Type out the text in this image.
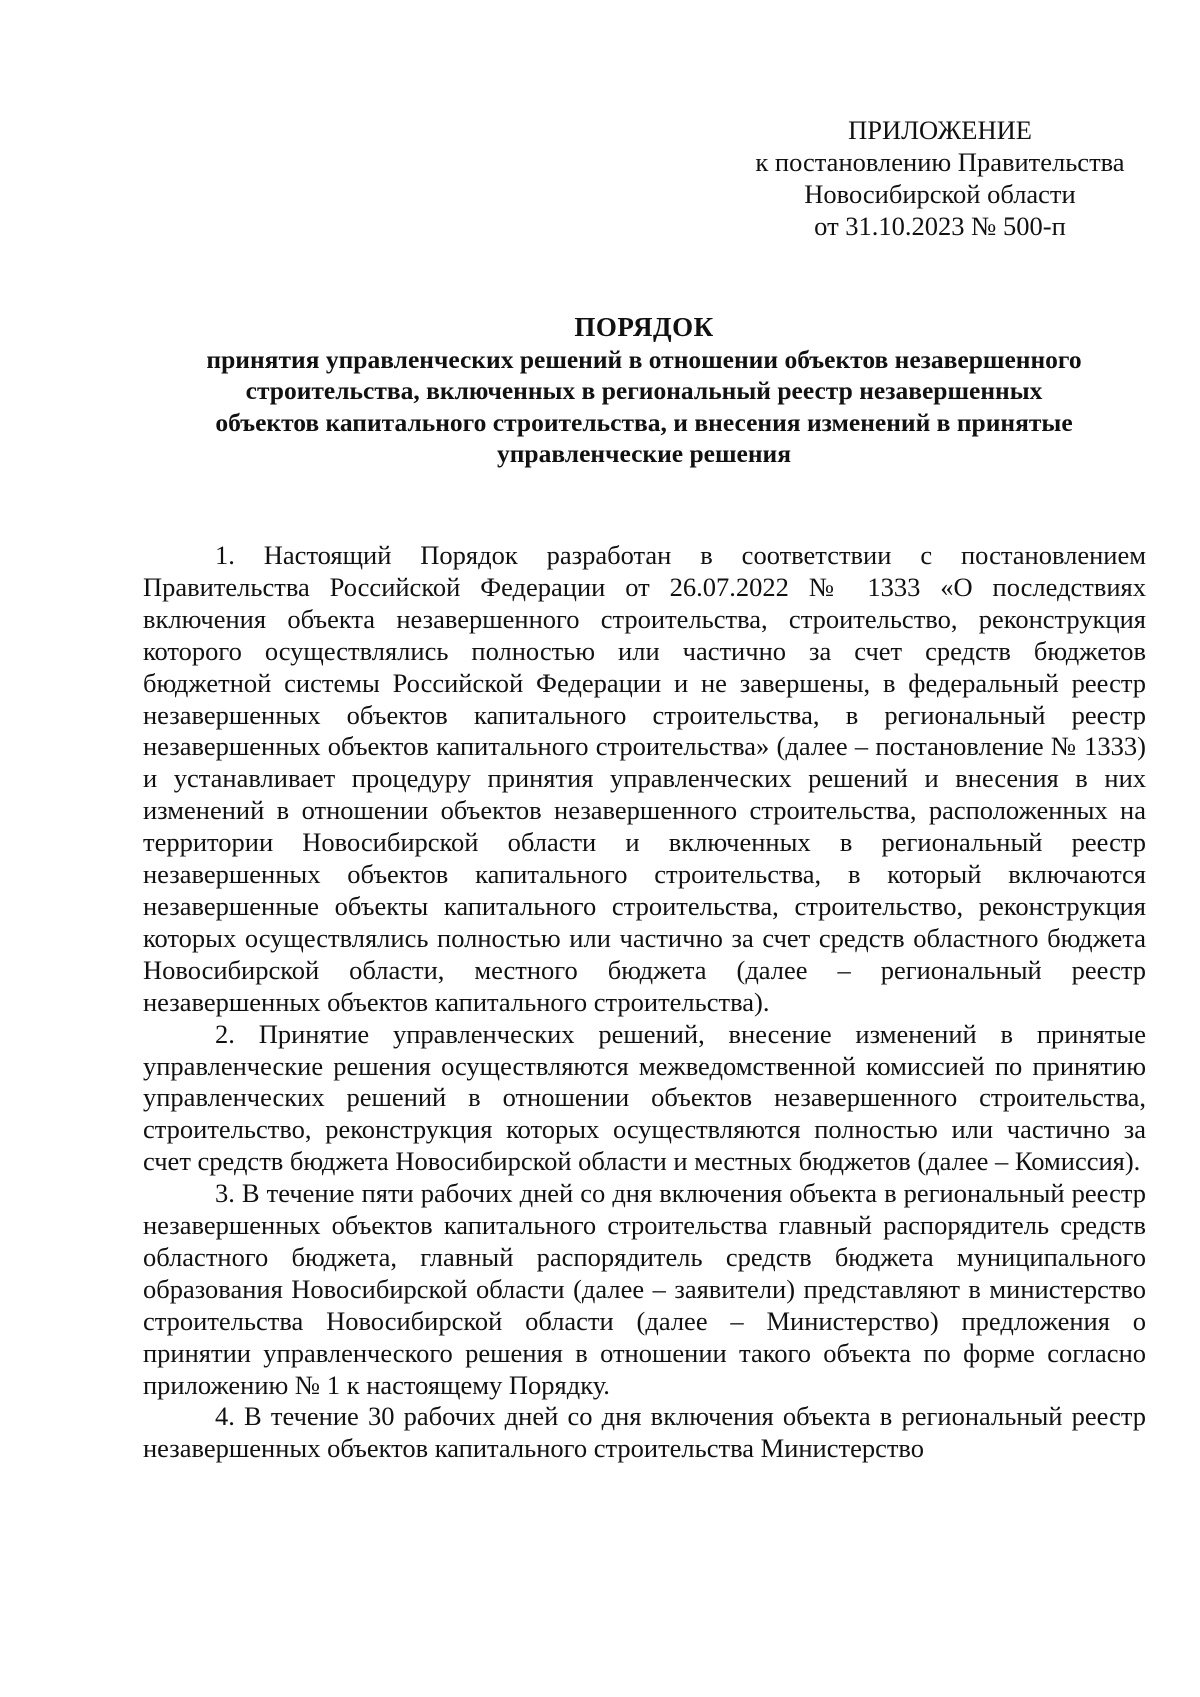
ПРИЛОЖЕНИЕ
к постановлению Правительства
Новосибирской области
от 31.10.2023 № 500-п
ПОРЯДОК
принятия управленческих решений в отношении объектов незавершенного
строительства, включенных в региональный реестр незавершенных
объектов капитального строительства, и внесения изменений в принятые
управленческие решения

1. Настоящий Порядок разработан в соответствии с постановлением Правительства Российской Федерации от 26.07.2022 № 1333 «О последствиях включения объекта незавершенного строительства, строительство, реконструкция которого осуществлялись полностью или частично за счет средств бюджетов бюджетной системы Российской Федерации и не завершены, в федеральный реестр незавершенных объектов капитального строительства, в региональный реестр незавершенных объектов капитального строительства» (далее – постановление № 1333) и устанавливает процедуру принятия управленческих решений и внесения в них изменений в отношении объектов незавершенного строительства, расположенных на территории Новосибирской области и включенных в региональный реестр незавершенных объектов капитального строительства, в который включаются незавершенные объекты капитального строительства, строительство, реконструкция которых осуществлялись полностью или частично за счет средств областного бюджета Новосибирской области, местного бюджета (далее – региональный реестр незавершенных объектов капитального строительства).

2. Принятие управленческих решений, внесение изменений в принятые управленческие решения осуществляются межведомственной комиссией по принятию управленческих решений в отношении объектов незавершенного строительства, строительство, реконструкция которых осуществляются полностью или частично за счет средств бюджета Новосибирской области и местных бюджетов (далее – Комиссия).

3. В течение пяти рабочих дней со дня включения объекта в региональный реестр незавершенных объектов капитального строительства главный распорядитель средств областного бюджета, главный распорядитель средств бюджета муниципального образования Новосибирской области (далее – заявители) представляют в министерство строительства Новосибирской области (далее – Министерство) предложения о принятии управленческого решения в отношении такого объекта по форме согласно приложению № 1 к настоящему Порядку.

4. В течение 30 рабочих дней со дня включения объекта в региональный реестр незавершенных объектов капитального строительства Министерство
